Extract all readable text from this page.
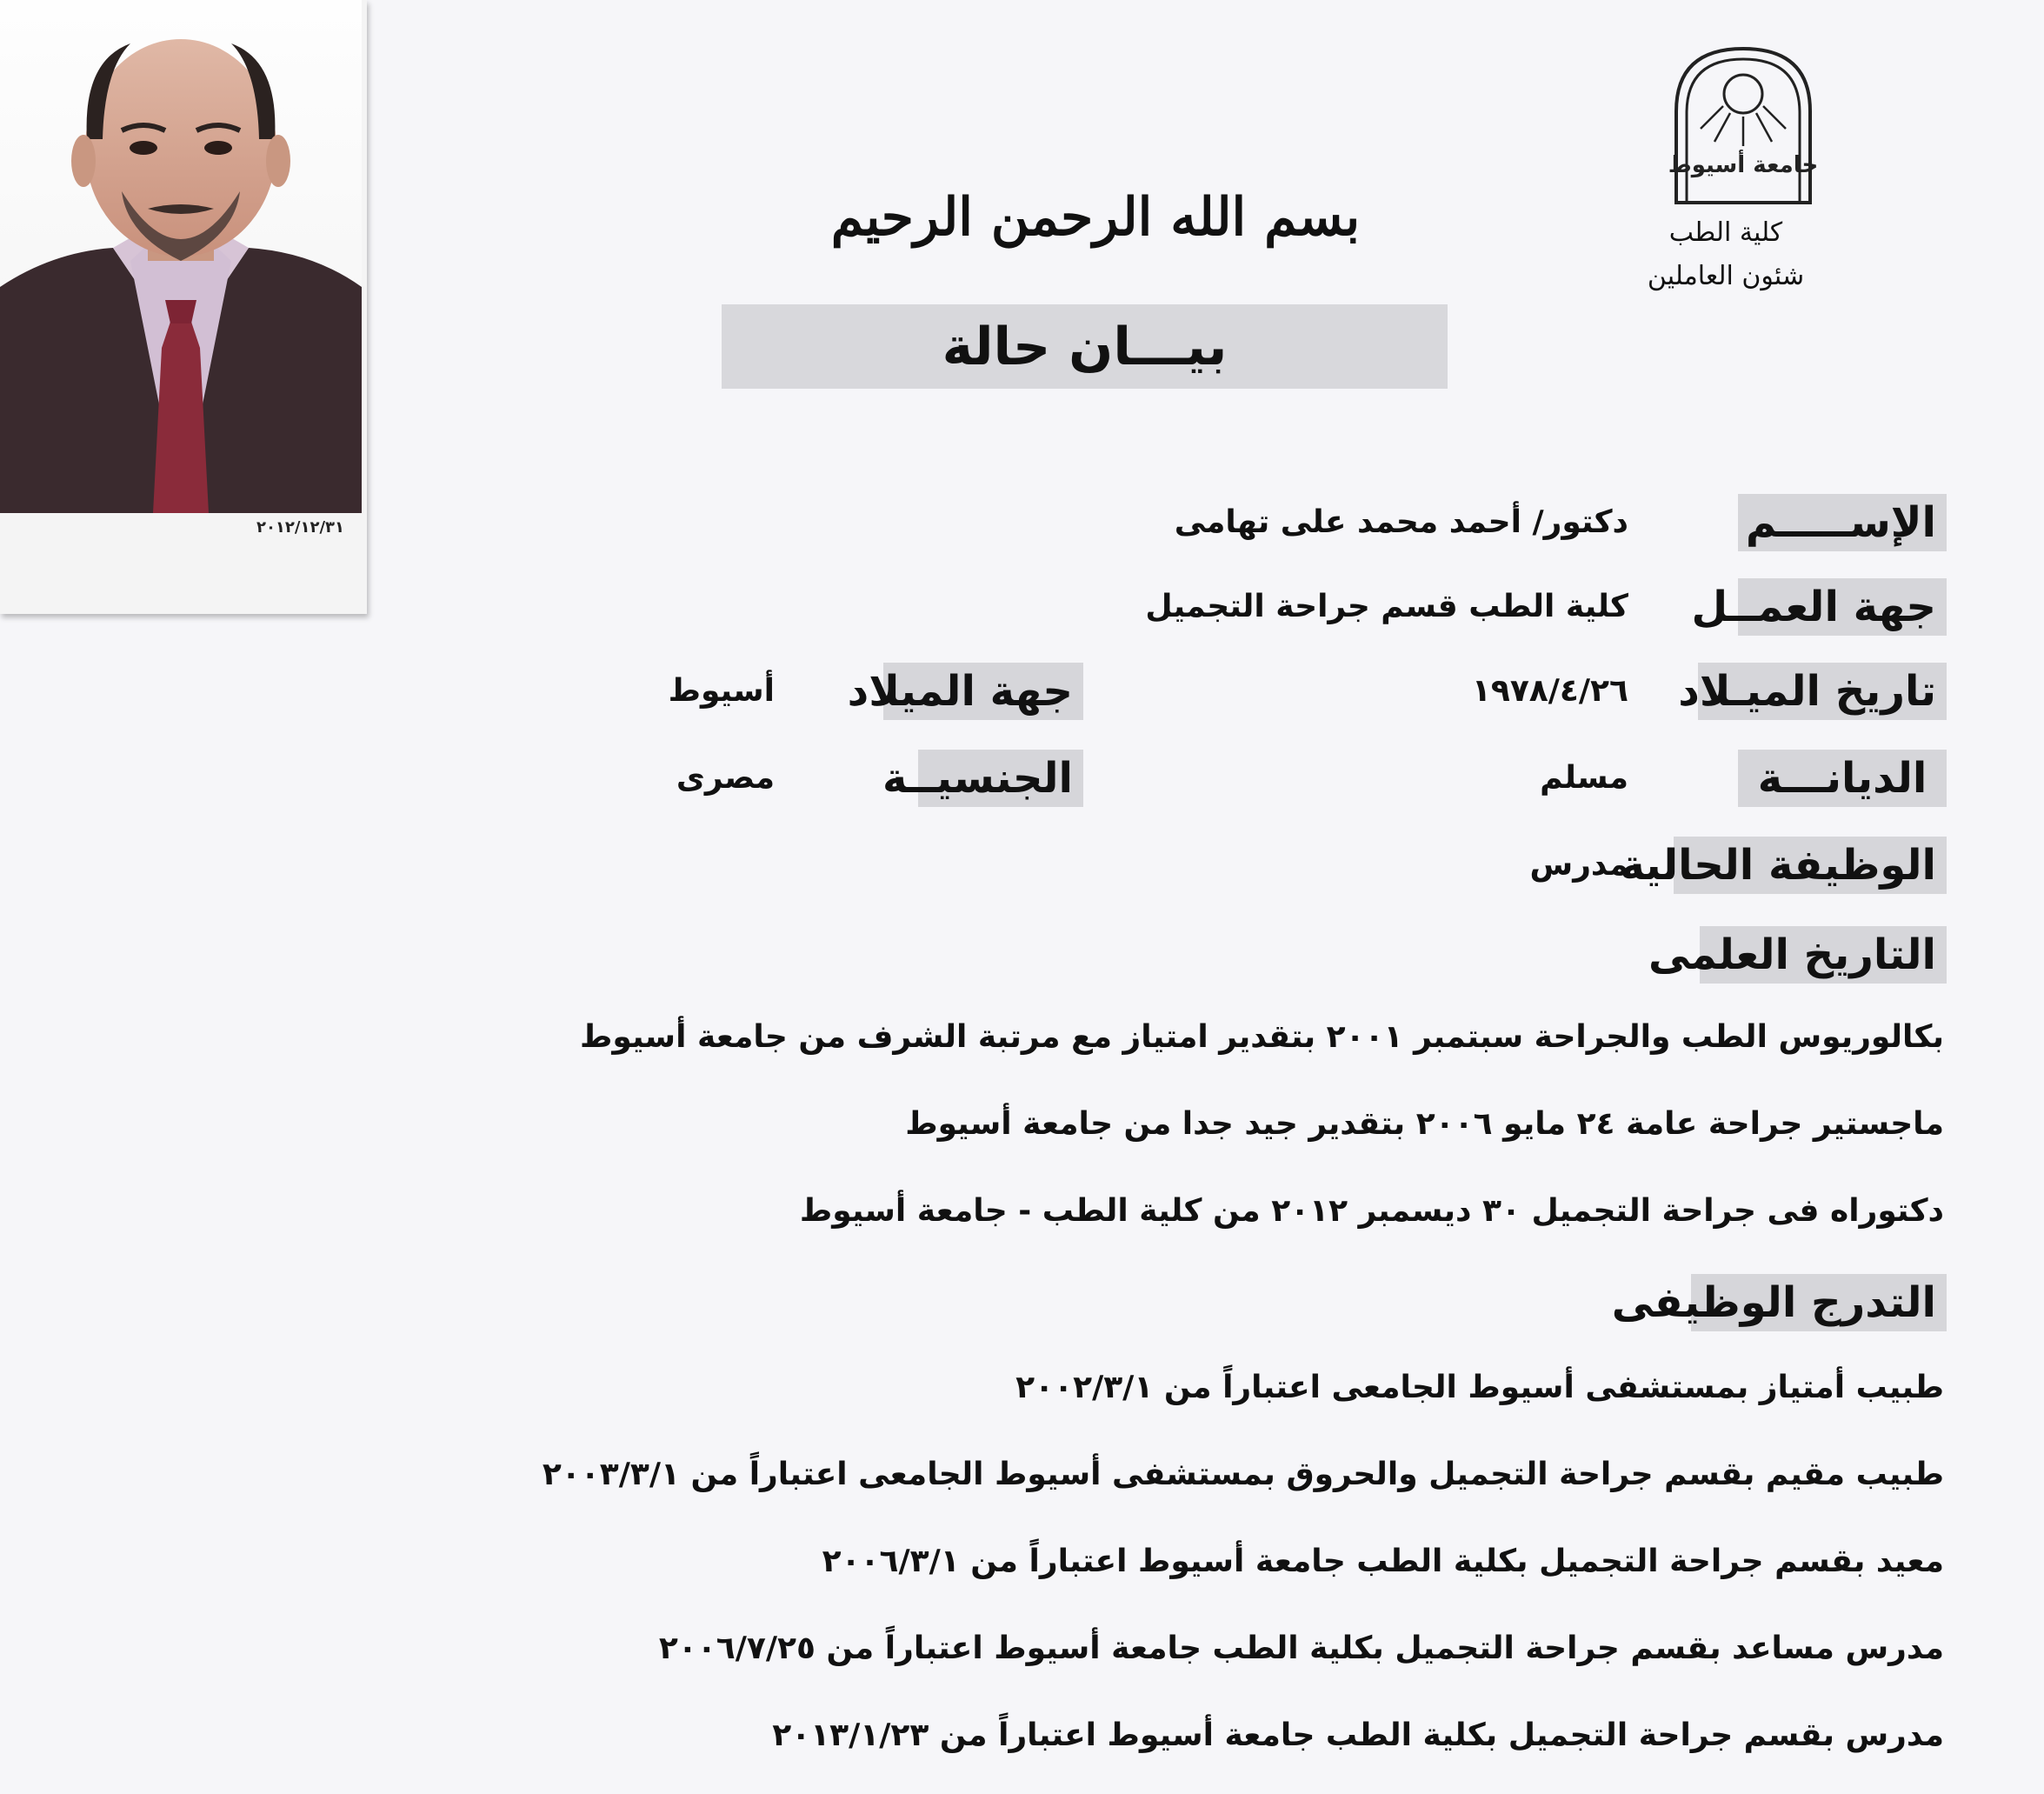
٢٠١٢/١٢/٣١
جامعة أسيوط
كلية الطب
شئون العاملين
بسم الله الرحمن الرحيم
بيـــان حالة
الإســـــم
دكتور/ أحمد محمد على تهامى
جهة العمــل
كلية الطب قسم جراحة التجميل
تاريخ الميـلاد
١٩٧٨/٤/٢٦
جهة الميلاد
أسيوط
الديانـــة
مسلم
الجنسيــة
مصرى
الوظيفة الحالية
مدرس
التاريخ العلمى
بكالوريوس الطب والجراحة سبتمبر ٢٠٠١ بتقدير امتياز مع مرتبة الشرف من جامعة أسيوط
ماجستير جراحة عامة ٢٤ مايو ٢٠٠٦ بتقدير جيد جدا من جامعة أسيوط
دكتوراه فى جراحة التجميل ٣٠ ديسمبر ٢٠١٢ من كلية الطب - جامعة أسيوط
التدرج الوظيفى
طبيب أمتياز بمستشفى أسيوط الجامعى اعتباراً من ٢٠٠٢/٣/١
طبيب مقيم بقسم جراحة التجميل والحروق بمستشفى أسيوط الجامعى اعتباراً من ٢٠٠٣/٣/١
معيد بقسم جراحة التجميل بكلية الطب جامعة أسيوط اعتباراً من ٢٠٠٦/٣/١
مدرس مساعد بقسم جراحة التجميل بكلية الطب جامعة أسيوط اعتباراً من ٢٠٠٦/٧/٢٥
مدرس بقسم جراحة التجميل بكلية الطب جامعة أسيوط اعتباراً من ٢٠١٣/١/٢٣
